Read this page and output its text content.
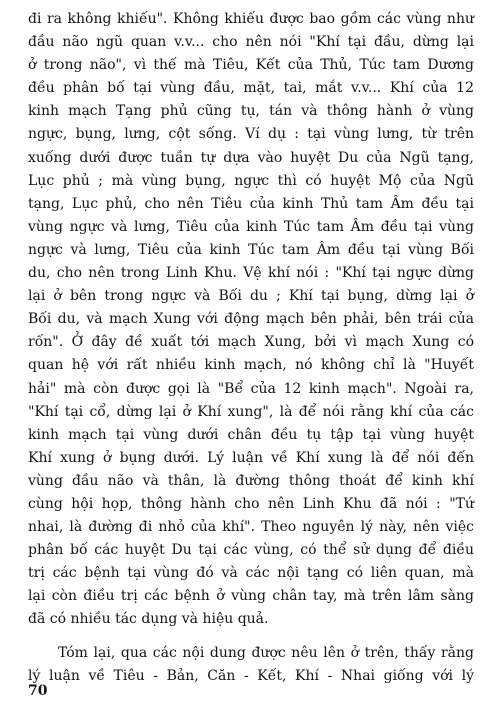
đi ra không khiếu". Không khiếu được bao gồm các vùng như
đầu não ngũ quan v.v... cho nên nói "Khí tại đầu, dừng lại
ở trong não", vì thế mà Tiêu, Kết của Thủ, Túc tam Dương
đều phân bố tại vùng đầu, mặt, tai, mắt v.v... Khí của 12
kinh mạch Tạng phủ cũng tụ, tán và thông hành ở vùng
ngực, bụng, lưng, cột sống. Ví dụ : tại vùng lưng, từ trên
xuống dưới được tuần tự dựa vào huyệt Du của Ngũ tạng,
Lục phủ ; mà vùng bụng, ngực thì có huyệt Mộ của Ngũ
tạng, Lục phủ, cho nên Tiêu của kinh Thủ tam Âm đều tại
vùng ngực và lưng, Tiêu của kinh Túc tam Âm đều tại vùng
ngực và lưng, Tiêu của kinh Túc tam Âm đều tại vùng Bối
du, cho nên trong Linh Khu. Vệ khí nói : "Khí tại ngực dừng
lại ở bên trong ngực và Bối du ; Khí tại bụng, dừng lại ở
Bối du, và mạch Xung với động mạch bên phải, bên trái của
rốn". Ở đây đề xuất tới mạch Xung, bởi vì mạch Xung có
quan hệ với rất nhiều kinh mạch, nó không chỉ là "Huyết
hải" mà còn được gọi là "Bể của 12 kinh mạch". Ngoài ra,
"Khí tại cổ, dừng lại ở Khí xung", là để nói rằng khí của các
kinh mạch tại vùng dưới chân đều tụ tập tại vùng huyệt
Khí xung ở bụng dưới. Lý luận về Khí xung là để nói đến
vùng đầu não và thân, là đường thông thoát để kinh khí
cùng hội họp, thông hành cho nên Linh Khu đã nói : "Tứ
nhai, là đường đi nhỏ của khí". Theo nguyên lý này, nên việc
phân bố các huyệt Du tại các vùng, có thể sử dụng để điều
trị các bệnh tại vùng đó và các nội tạng có liên quan, mà
lại còn điều trị các bệnh ở vùng chân tay, mà trên lâm sàng
đã có nhiều tác dụng và hiệu quả.
Tóm lại, qua các nội dung được nêu lên ở trên, thấy rằng
lý luận về Tiêu - Bản, Căn - Kết, Khí - Nhai giống với lý
70
